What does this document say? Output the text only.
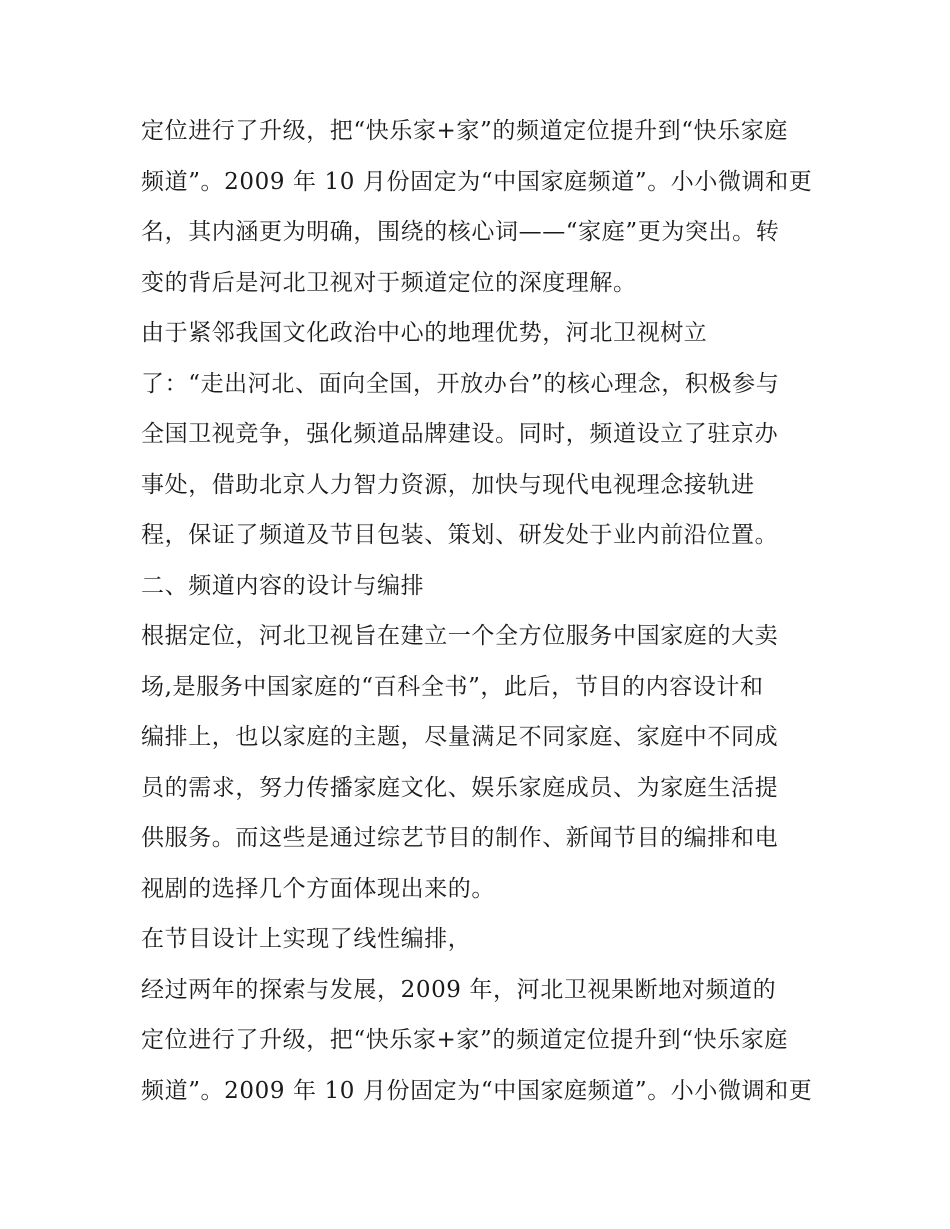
定位进行了升级，把“快乐家+家”的频道定位提升到“快乐家庭
频道”。2009 年 10 月份固定为“中国家庭频道”。小小微调和更
名，其内涵更为明确，围绕的核心词——“家庭”更为突出。转
变的背后是河北卫视对于频道定位的深度理解。
由于紧邻我国文化政治中心的地理优势，河北卫视树立
了：“走出河北、面向全国，开放办台”的核心理念，积极参与
全国卫视竞争，强化频道品牌建设。同时，频道设立了驻京办
事处，借助北京人力智力资源，加快与现代电视理念接轨进
程，保证了频道及节目包装、策划、研发处于业内前沿位置。
二、频道内容的设计与编排
根据定位，河北卫视旨在建立一个全方位服务中国家庭的大卖
场,是服务中国家庭的“百科全书”，此后，节目的内容设计和
编排上，也以家庭的主题，尽量满足不同家庭、家庭中不同成
员的需求，努力传播家庭文化、娱乐家庭成员、为家庭生活提
供服务。而这些是通过综艺节目的制作、新闻节目的编排和电
视剧的选择几个方面体现出来的。
在节目设计上实现了线性编排，
经过两年的探索与发展，2009 年，河北卫视果断地对频道的
定位进行了升级，把“快乐家+家”的频道定位提升到“快乐家庭
频道”。2009 年 10 月份固定为“中国家庭频道”。小小微调和更
